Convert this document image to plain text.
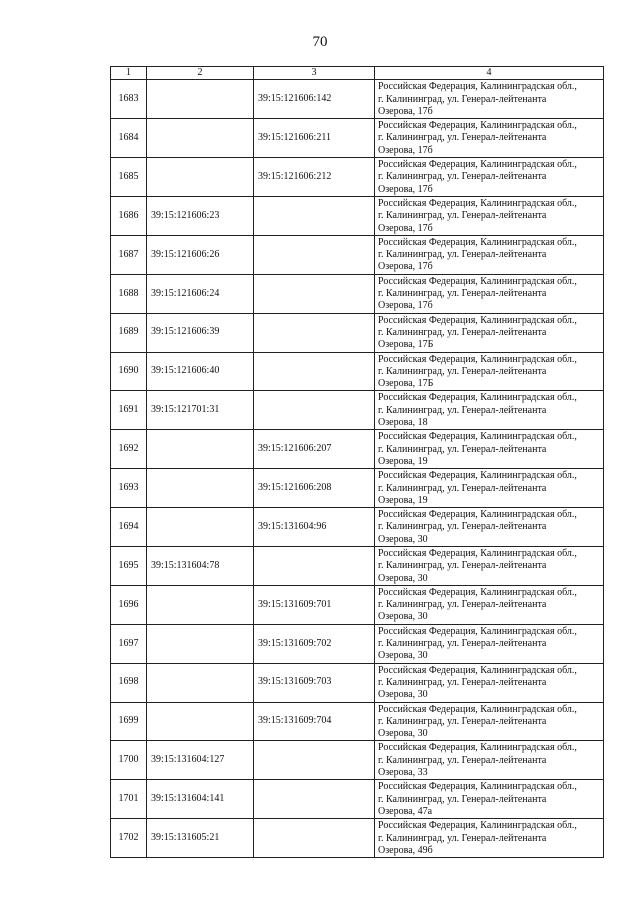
70
1	2	3	4
1683		39:15:121606:142	Российская Федерация, Калининградская обл.,
г. Калининград, ул. Генерал-лейтенанта
Озерова, 17б

1684		39:15:121606:211	Российская Федерация, Калининградская обл.,
г. Калининград, ул. Генерал-лейтенанта
Озерова, 17б

1685		39:15:121606:212	Российская Федерация, Калининградская обл.,
г. Калининград, ул. Генерал-лейтенанта
Озерова, 17б

1686	39:15:121606:23		Российская Федерация, Калининградская обл.,
г. Калининград, ул. Генерал-лейтенанта
Озерова, 17б

1687	39:15:121606:26		Российская Федерация, Калининградская обл.,
г. Калининград, ул. Генерал-лейтенанта
Озерова, 17б

1688	39:15:121606:24		Российская Федерация, Калининградская обл.,
г. Калининград, ул. Генерал-лейтенанта
Озерова, 17б

1689	39:15:121606:39		Российская Федерация, Калининградская обл.,
г. Калининград, ул. Генерал-лейтенанта
Озерова, 17Б

1690	39:15:121606:40		Российская Федерация, Калининградская обл.,
г. Калининград, ул. Генерал-лейтенанта
Озерова, 17Б

1691	39:15:121701:31		Российская Федерация, Калининградская обл.,
г. Калининград, ул. Генерал-лейтенанта
Озерова, 18

1692		39:15:121606:207	Российская Федерация, Калининградская обл.,
г. Калининград, ул. Генерал-лейтенанта
Озерова, 19

1693		39:15:121606:208	Российская Федерация, Калининградская обл.,
г. Калининград, ул. Генерал-лейтенанта
Озерова, 19

1694		39:15:131604:96	Российская Федерация, Калининградская обл.,
г. Калининград, ул. Генерал-лейтенанта
Озерова, 30

1695	39:15:131604:78		Российская Федерация, Калининградская обл.,
г. Калининград, ул. Генерал-лейтенанта
Озерова, 30

1696		39:15:131609:701	Российская Федерация, Калининградская обл.,
г. Калининград, ул. Генерал-лейтенанта
Озерова, 30

1697		39:15:131609:702	Российская Федерация, Калининградская обл.,
г. Калининград, ул. Генерал-лейтенанта
Озерова, 30

1698		39:15:131609:703	Российская Федерация, Калининградская обл.,
г. Калининград, ул. Генерал-лейтенанта
Озерова, 30

1699		39:15:131609:704	Российская Федерация, Калининградская обл.,
г. Калининград, ул. Генерал-лейтенанта
Озерова, 30

1700	39:15:131604:127		Российская Федерация, Калининградская обл.,
г. Калининград, ул. Генерал-лейтенанта
Озерова, 33

1701	39:15:131604:141		Российская Федерация, Калининградская обл.,
г. Калининград, ул. Генерал-лейтенанта
Озерова, 47а

1702	39:15:131605:21		Российская Федерация, Калининградская обл.,
г. Калининград, ул. Генерал-лейтенанта
Озерова, 49б
